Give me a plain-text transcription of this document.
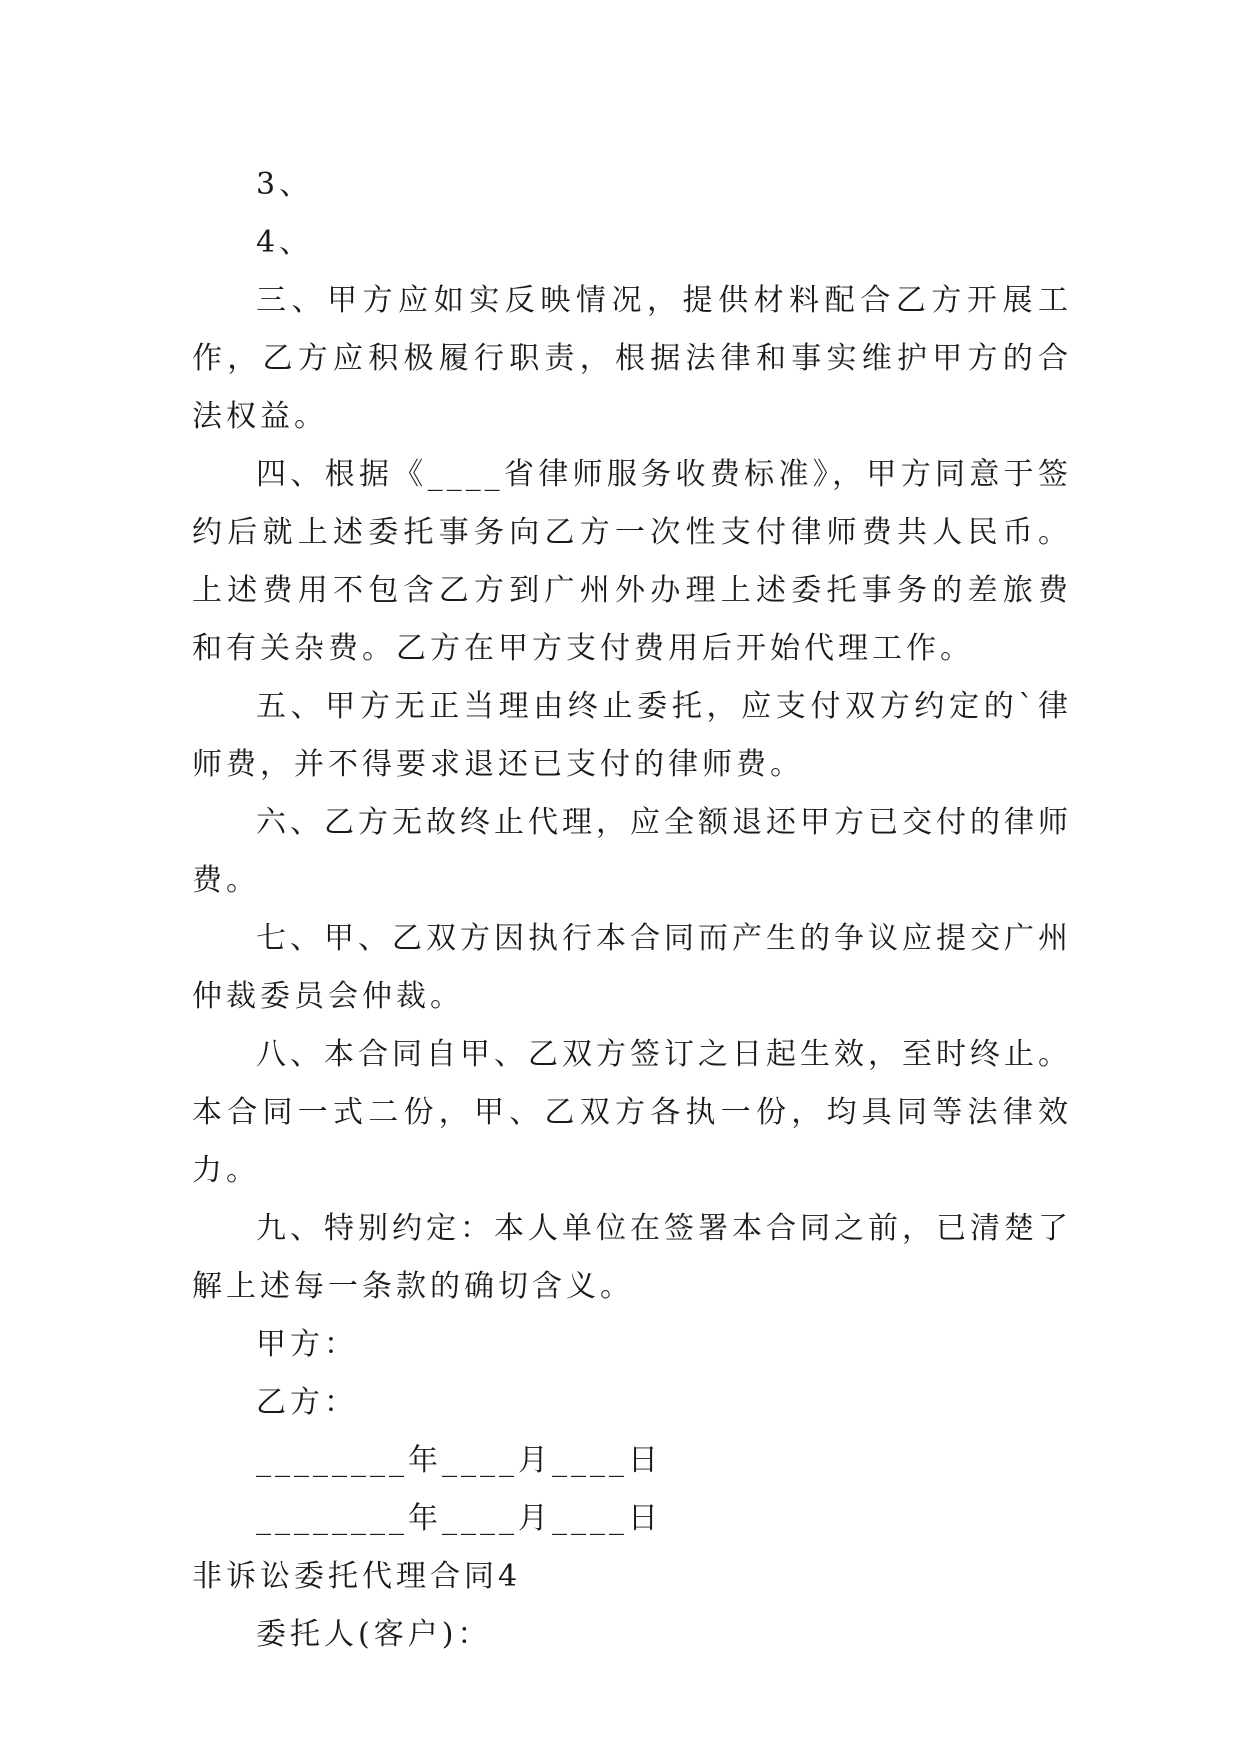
3、

4、

三、甲方应如实反映情况，提供材料配合乙方开展工作，乙方应积极履行职责，根据法律和事实维护甲方的合法权益。

四、根据《____省律师服务收费标准》，甲方同意于签约后就上述委托事务向乙方一次性支付律师费共人民币。上述费用不包含乙方到广州外办理上述委托事务的差旅费和有关杂费。乙方在甲方支付费用后开始代理工作。

五、甲方无正当理由终止委托，应支付双方约定的`律师费，并不得要求退还已支付的律师费。

六、乙方无故终止代理，应全额退还甲方已交付的律师费。

七、甲、乙双方因执行本合同而产生的争议应提交广州仲裁委员会仲裁。

八、本合同自甲、乙双方签订之日起生效，至时终止。本合同一式二份，甲、乙双方各执一份，均具同等法律效力。

九、特别约定：本人单位在签署本合同之前，已清楚了解上述每一条款的确切含义。

甲方：

乙方：

________年____月____日

________年____月____日

非诉讼委托代理合同4

委托人(客户)：
